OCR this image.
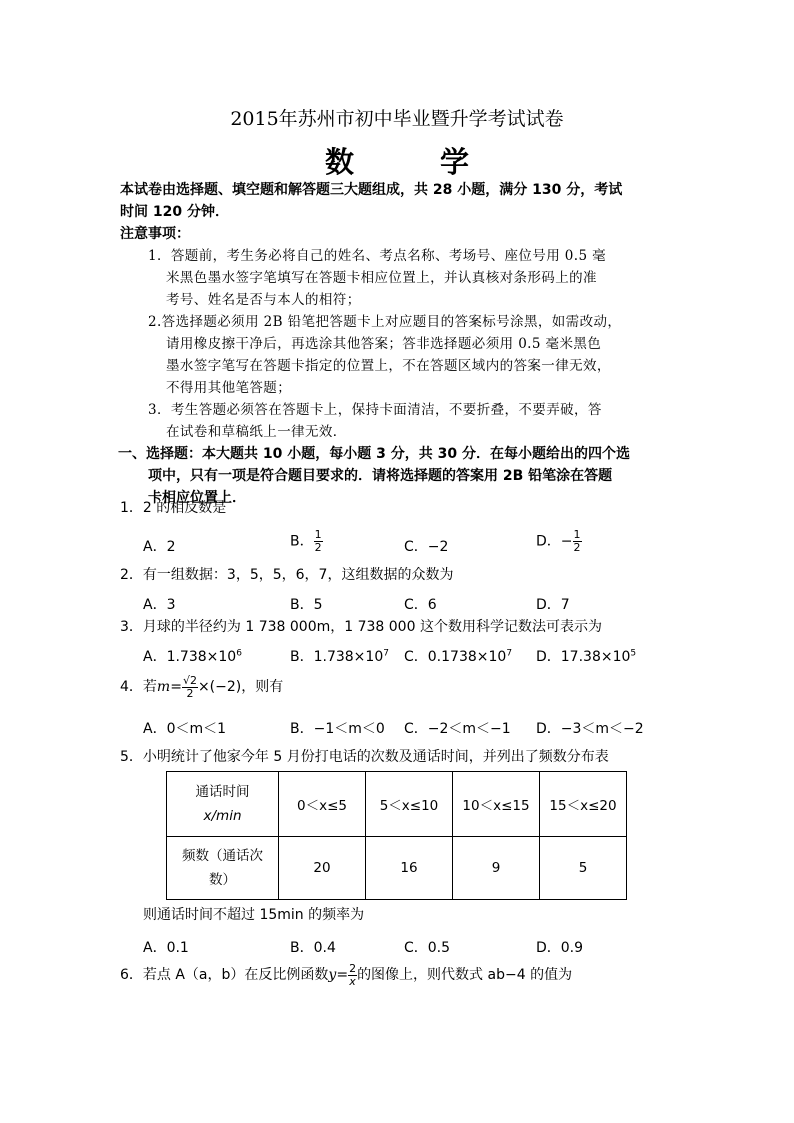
2015年苏州市初中毕业暨升学考试试卷
数 学
本试卷由选择题、填空题和解答题三大题组成，共 28 小题，满分 130 分，考试
时间 120 分钟．
注意事项：
1．答题前，考生务必将自己的姓名、考点名称、考场号、座位号用 0.5 毫
米黑色墨水签字笔填写在答题卡相应位置上，并认真核对条形码上的准
考号、姓名是否与本人的相符；
2.答选择题必须用 2B 铅笔把答题卡上对应题目的答案标号涂黑，如需改动，
请用橡皮擦干净后，再选涂其他答案；答非选择题必须用 0.5 毫米黑色
墨水签字笔写在答题卡指定的位置上，不在答题区域内的答案一律无效，
不得用其他笔答题；
3．考生答题必须答在答题卡上，保持卡面清洁，不要折叠，不要弄破，答
在试卷和草稿纸上一律无效．
一、选择题：本大题共 10 小题，每小题 3 分，共 30 分．在每小题给出的四个选
项中，只有一项是符合题目要求的．请将选择题的答案用 2B 铅笔涂在答题
卡相应位置上．
1．2 的相反数是
A．2	B． $\frac{1}{2}$	C．−2	D．− $\frac{1}{2}$
2．有一组数据：3，5，5，6，7，这组数据的众数为
A．3	B．5	C．6	D．7
3．月球的半径约为 1 738 000m，1 738 000 这个数用科学记数法可表示为
A．$1.738\times 10^6$	B．$1.738\times 10^7$ C．$0.1738\times 10^7$ D．$17.38\times 10^5$
4．若$m= \frac{√2}{2} \times(-2)$，则有
A．0＜m＜1	B．−1＜m＜0 C．−2＜m＜−1 D．−3＜m＜−2
5．小明统计了他家今年 5 月份打电话的次数及通话时间，并列出了频数分布表
通话时间
x/min	0＜x≤5	5＜x≤10	10＜x≤15	15＜x≤20

频数（通话次
数）	20	16	9	5
则通话时间不超过 15min 的频率为
A．0.1	B．0.4	C．0.5	D．0.9
6．若点 A（a，b）在反比例函数$y= \frac{2}{x}$ 的图像上，则代数式 ab−4 的值为
